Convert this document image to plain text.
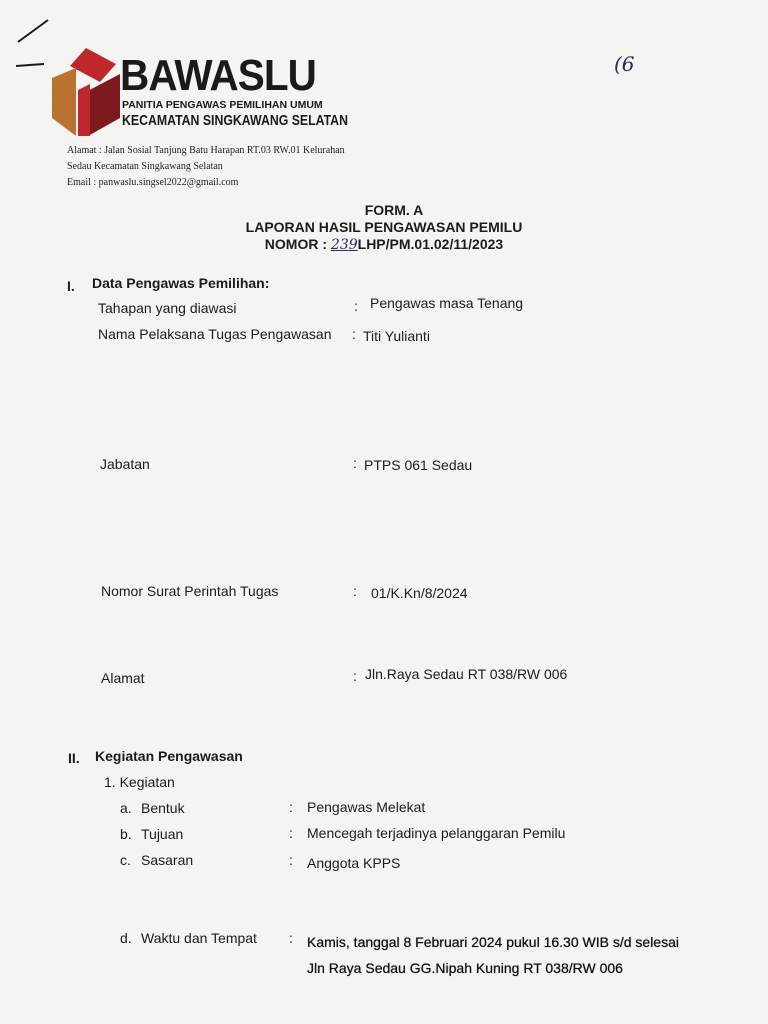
(6
BAWASLU
PANITIA PENGAWAS PEMILIHAN UMUM
KECAMATAN SINGKAWANG SELATAN
Alamat : Jalan Sosial Tanjung Batu Harapan RT.03 RW.01 Kelurahan
Sedau Kecamatan Singkawang Selatan
Email : panwaslu.singsel2022@gmail.com
FORM. A
LAPORAN HASIL PENGAWASAN PEMILU
NOMOR : 239LHP/PM.01.02/11/2023
I. Data Pengawas Pemilihan:
Tahapan yang diawasi	: Pengawas masa Tenang
Nama Pelaksana Tugas Pengawasan : Titi Yulianti
Jabatan	: PTPS 061 Sedau
Nomor Surat Perintah Tugas	: 01/K.Kn/8/2024
Alamat	: Jln.Raya Sedau RT 038/RW 006
II. Kegiatan Pengawasan
1. Kegiatan
a. Bentuk	: Pengawas Melekat
b. Tujuan	: Mencegah terjadinya pelanggaran Pemilu
c. Sasaran	: Anggota KPPS
d. Waktu dan Tempat : Kamis, tanggal 8 Februari 2024 pukul 16.30 WIB s/d selesai
Jln Raya Sedau GG.Nipah Kuning RT 038/RW 006
